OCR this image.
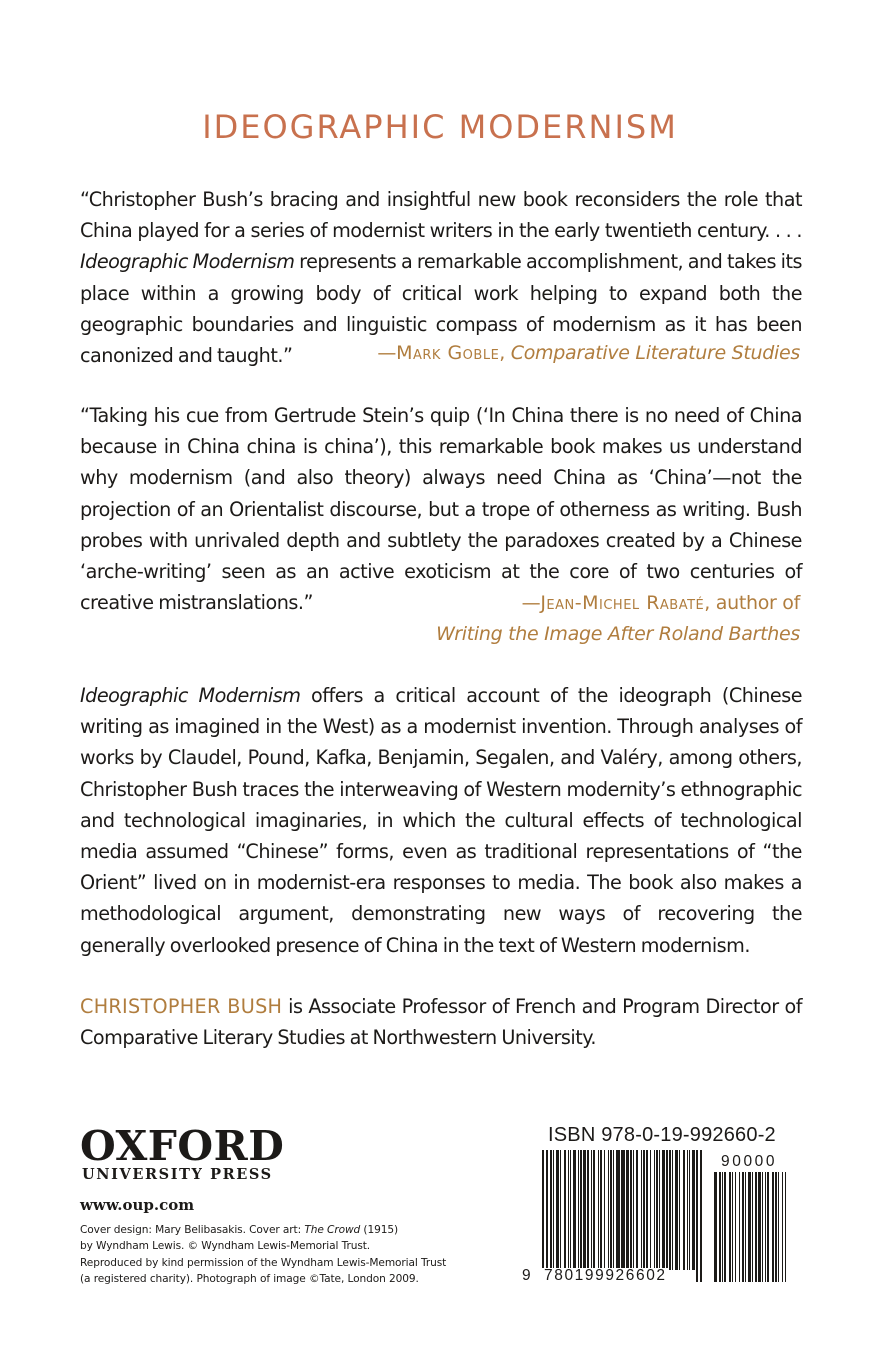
IDEOGRAPHIC MODERNISM
“Christopher Bush’s bracing and insightful new book reconsiders the role that China played for a series of modernist writers in the early twentieth century. . . . Ideographic Modernism represents a remarkable accomplishment, and takes its place within a growing body of critical work helping to expand both the geographic boundaries and linguistic compass of modernism as it has been canonized and taught.”	—Mark Goble, Comparative Literature Studies
“Taking his cue from Gertrude Stein’s quip (‘In China there is no need of China because in China china is china’), this remarkable book makes us understand why modernism (and also theory) always need China as ‘China’—not the projection of an Orientalist discourse, but a trope of otherness as writing. Bush probes with unrivaled depth and subtlety the paradoxes created by a Chinese ‘arche-writing’ seen as an active exoticism at the core of two centuries of creative mistranslations.”	—Jean-Michel Rabaté, author of
Writing the Image After Roland Barthes
Ideographic Modernism offers a critical account of the ideograph (Chinese writing as imagined in the West) as a modernist invention. Through analyses of works by Claudel, Pound, Kafka, Benjamin, Segalen, and Valéry, among others, Christopher Bush traces the interweaving of Western modernity’s ethnographic and technological imaginaries, in which the cultural effects of technological media assumed “Chinese” forms, even as traditional representations of “the Orient” lived on in modernist-era responses to media. The book also makes a methodological argument, demonstrating new ways of recovering the generally overlooked presence of China in the text of Western modernism.
CHRISTOPHER BUSH is Associate Professor of French and Program Director of Comparative Literary Studies at Northwestern University.
OXFORD
UNIVERSITY PRESS
www.oup.com
Cover design: Mary Belibasakis. Cover art: The Crowd (1915)
by Wyndham Lewis. © Wyndham Lewis-Memorial Trust.
Reproduced by kind permission of the Wyndham Lewis-Memorial Trust
(a registered charity). Photograph of image ©Tate, London 2009.
ISBN 978-0-19-992660-2
9 780199926602
90000
